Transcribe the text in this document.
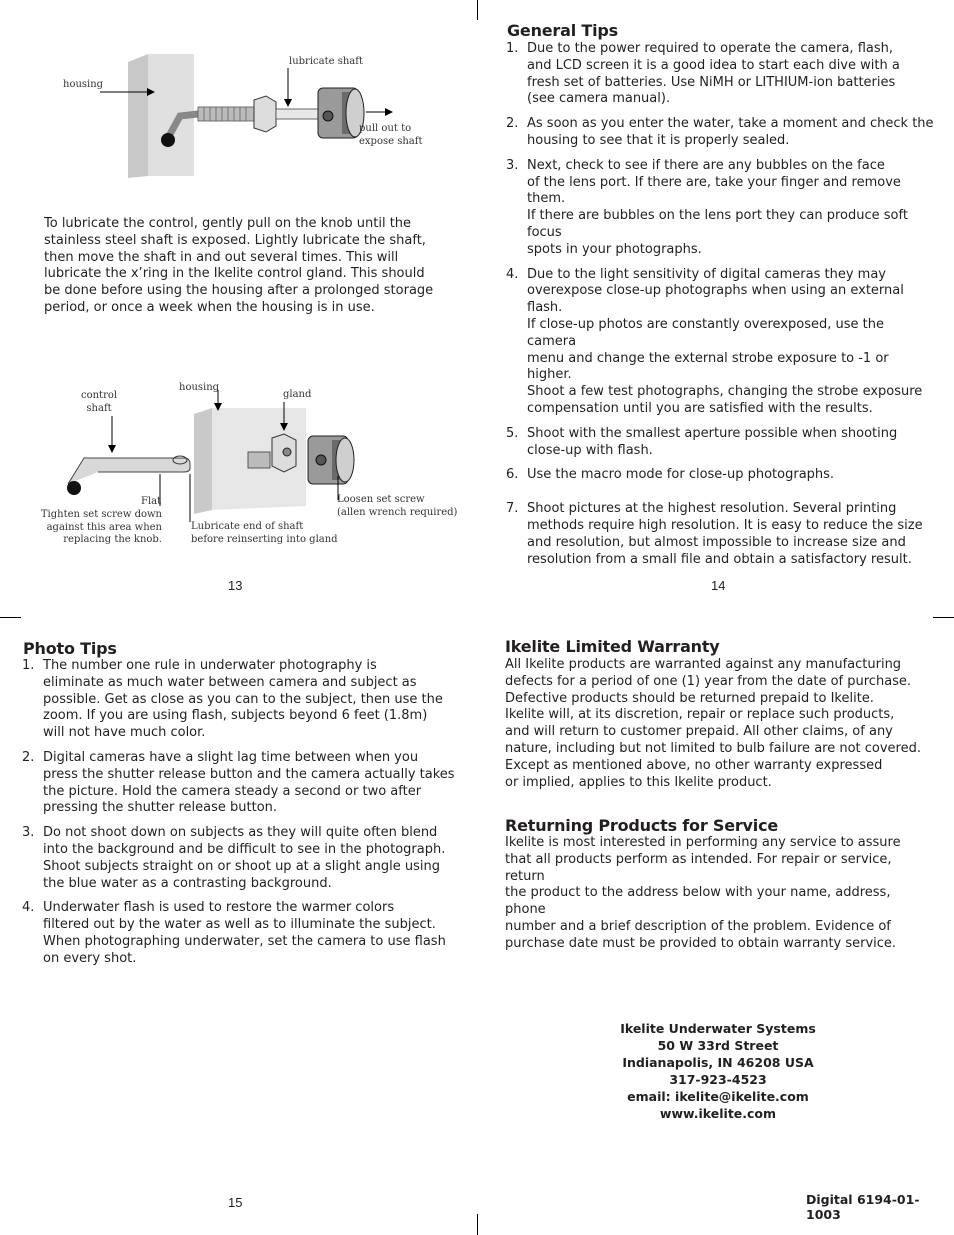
housing
lubricate shaft
pull out to
expose shaft

To lubricate the control, gently pull on the knob until the stainless steel shaft is exposed. Lightly lubricate the shaft, then move the shaft in and out several times. This will lubricate the x’ring in the Ikelite control gland. This should be done before using the housing after a prolonged storage period, or once a week when the housing is in use.

control
shaft
housing
gland
Flat
Tighten set screw down
against this area when
replacing the knob.
Lubricate end of shaft
before reinserting into gland
Loosen set screw
(allen wrench required)
13
General Tips
1. Due to the power required to operate the camera, flash,
and LCD screen it is a good idea to start each dive with a
fresh set of batteries. Use NiMH or LITHIUM-ion batteries
(see camera manual).
2. As soon as you enter the water, take a moment and check the
housing to see that it is properly sealed.
3. Next, check to see if there are any bubbles on the face
of the lens port. If there are, take your finger and remove them.
If there are bubbles on the lens port they can produce soft focus
spots in your photographs.
4. Due to the light sensitivity of digital cameras they may
overexpose close-up photographs when using an external flash.
If close-up photos are constantly overexposed, use the camera
menu and change the external strobe exposure to -1 or higher.
Shoot a few test photographs, changing the strobe exposure
compensation until you are satisfied with the results.
5. Shoot with the smallest aperture possible when shooting
close-up with flash.
6. Use the macro mode for close-up photographs.
7. Shoot pictures at the highest resolution. Several printing
methods require high resolution. It is easy to reduce the size
and resolution, but almost impossible to increase size and
resolution from a small file and obtain a satisfactory result.
14
Photo Tips
1. The number one rule in underwater photography is
eliminate as much water between camera and subject as
possible. Get as close as you can to the subject, then use the
zoom. If you are using flash, subjects beyond 6 feet (1.8m)
will not have much color.
2. Digital cameras have a slight lag time between when you
press the shutter release button and the camera actually takes
the picture. Hold the camera steady a second or two after
pressing the shutter release button.
3. Do not shoot down on subjects as they will quite often blend
into the background and be difficult to see in the photograph.
Shoot subjects straight on or shoot up at a slight angle using
the blue water as a contrasting background.
4. Underwater flash is used to restore the warmer colors
filtered out by the water as well as to illuminate the subject.
When photographing underwater, set the camera to use flash
on every shot.
15
Ikelite Limited Warranty

All Ikelite products are warranted against any manufacturing
defects for a period of one (1) year from the date of purchase.
Defective products should be returned prepaid to Ikelite.
Ikelite will, at its discretion, repair or replace such products,
and will return to customer prepaid. All other claims, of any
nature, including but not limited to bulb failure are not covered.
Except as mentioned above, no other warranty expressed
or implied, applies to this Ikelite product.

Returning Products for Service

Ikelite is most interested in performing any service to assure
that all products perform as intended. For repair or service, return
the product to the address below with your name, address, phone
number and a brief description of the problem. Evidence of
purchase date must be provided to obtain warranty service.

Ikelite Underwater Systems
50 W 33rd Street
Indianapolis, IN 46208 USA
317-923-4523
email: ikelite@ikelite.com
www.ikelite.com
Digital 6194-01-1003
